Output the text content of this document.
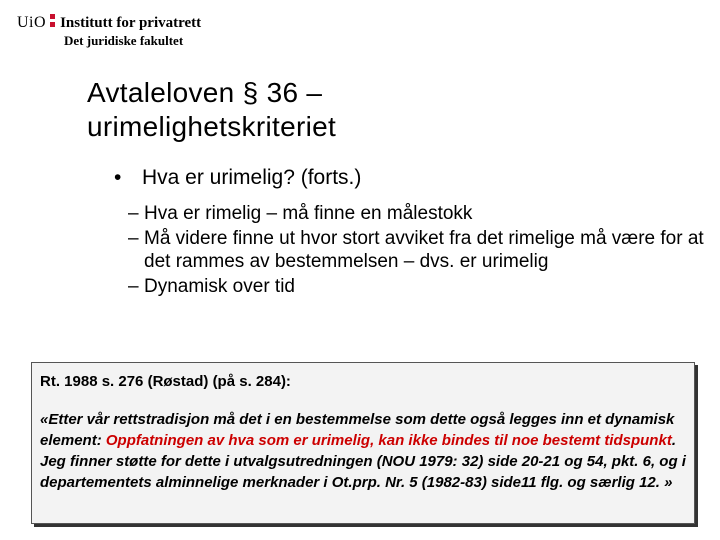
UiO Institutt for privatrett
Det juridiske fakultet
Avtaleloven § 36 –
urimelighetskriteriet
• Hva er urimelig? (forts.)
– Hva er rimelig – må finne en målestokk
– Må videre finne ut hvor stort avviket fra det rimelige må være for at det rammes av bestemmelsen – dvs. er urimelig
– Dynamisk over tid
Rt. 1988 s. 276 (Røstad) (på s. 284):
«Etter vår rettstradisjon må det i en bestemmelse som dette også legges inn et dynamisk element: Oppfatningen av hva som er urimelig, kan ikke bindes til noe bestemt tidspunkt. Jeg finner støtte for dette i utvalgsutredningen (NOU 1979: 32) side 20-21 og 54, pkt. 6, og i departementets alminnelige merknader i Ot.prp. Nr. 5 (1982-83) side11 flg. og særlig 12. »
